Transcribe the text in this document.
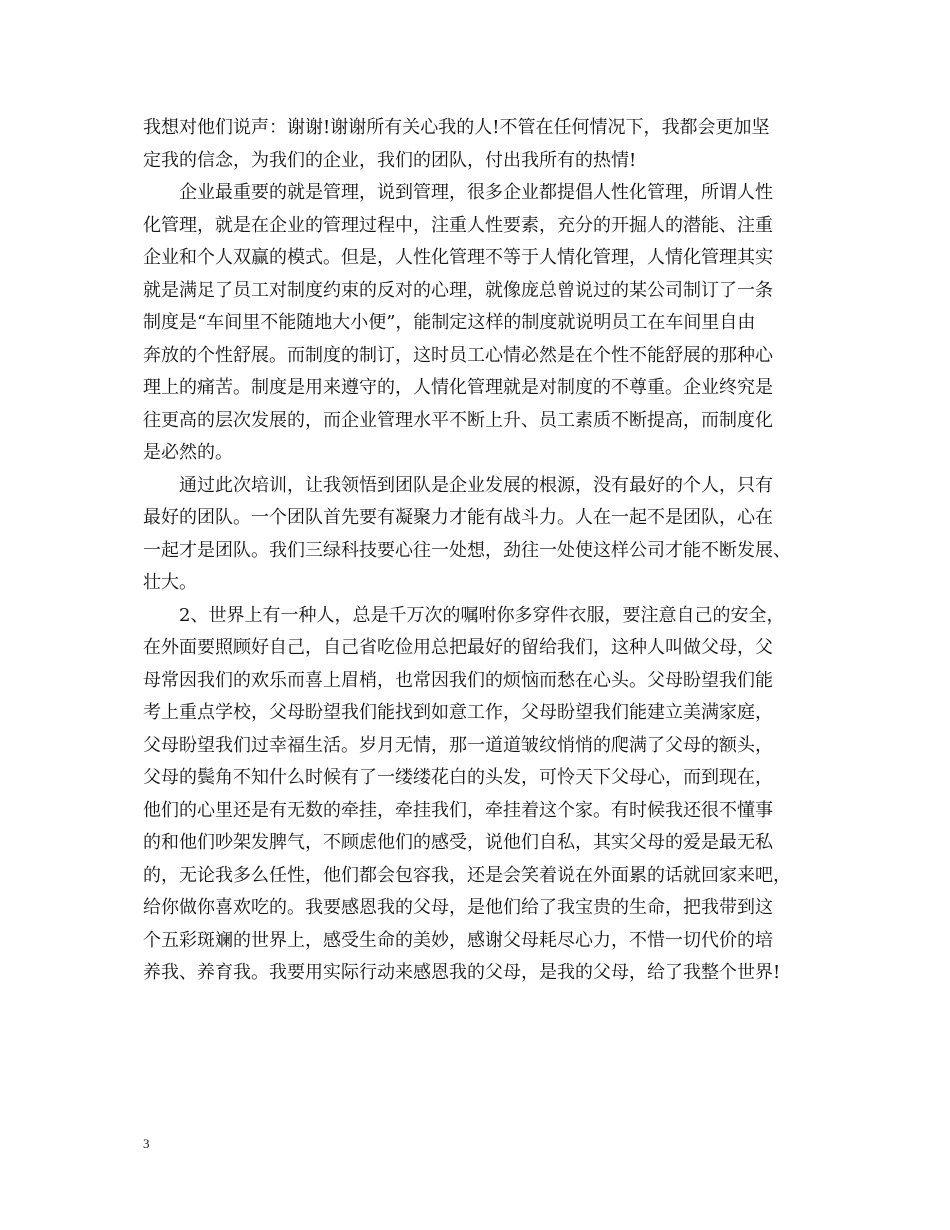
我想对他们说声：谢谢!谢谢所有关心我的人!不管在任何情况下，我都会更加坚
定我的信念，为我们的企业，我们的团队，付出我所有的热情!
企业最重要的就是管理，说到管理，很多企业都提倡人性化管理，所谓人性
化管理，就是在企业的管理过程中，注重人性要素，充分的开掘人的潜能、注重
企业和个人双赢的模式。但是，人性化管理不等于人情化管理，人情化管理其实
就是满足了员工对制度约束的反对的心理，就像庞总曾说过的某公司制订了一条
制度是“车间里不能随地大小便”，能制定这样的制度就说明员工在车间里自由
奔放的个性舒展。而制度的制订，这时员工心情必然是在个性不能舒展的那种心
理上的痛苦。制度是用来遵守的，人情化管理就是对制度的不尊重。企业终究是
往更高的层次发展的，而企业管理水平不断上升、员工素质不断提高，而制度化
是必然的。
通过此次培训，让我领悟到团队是企业发展的根源，没有最好的个人，只有
最好的团队。一个团队首先要有凝聚力才能有战斗力。人在一起不是团队，心在
一起才是团队。我们三绿科技要心往一处想，劲往一处使这样公司才能不断发展、
壮大。
2、世界上有一种人，总是千万次的嘱咐你多穿件衣服，要注意自己的安全，
在外面要照顾好自己，自己省吃俭用总把最好的留给我们，这种人叫做父母，父
母常因我们的欢乐而喜上眉梢，也常因我们的烦恼而愁在心头。父母盼望我们能
考上重点学校，父母盼望我们能找到如意工作，父母盼望我们能建立美满家庭，
父母盼望我们过幸福生活。岁月无情，那一道道皱纹悄悄的爬满了父母的额头，
父母的鬓角不知什么时候有了一缕缕花白的头发，可怜天下父母心，而到现在，
他们的心里还是有无数的牵挂，牵挂我们，牵挂着这个家。有时候我还很不懂事
的和他们吵架发脾气，不顾虑他们的感受，说他们自私，其实父母的爱是最无私
的，无论我多么任性，他们都会包容我，还是会笑着说在外面累的话就回家来吧，
给你做你喜欢吃的。我要感恩我的父母，是他们给了我宝贵的生命，把我带到这
个五彩斑斓的世界上，感受生命的美妙，感谢父母耗尽心力，不惜一切代价的培
养我、养育我。我要用实际行动来感恩我的父母，是我的父母，给了我整个世界!
3
